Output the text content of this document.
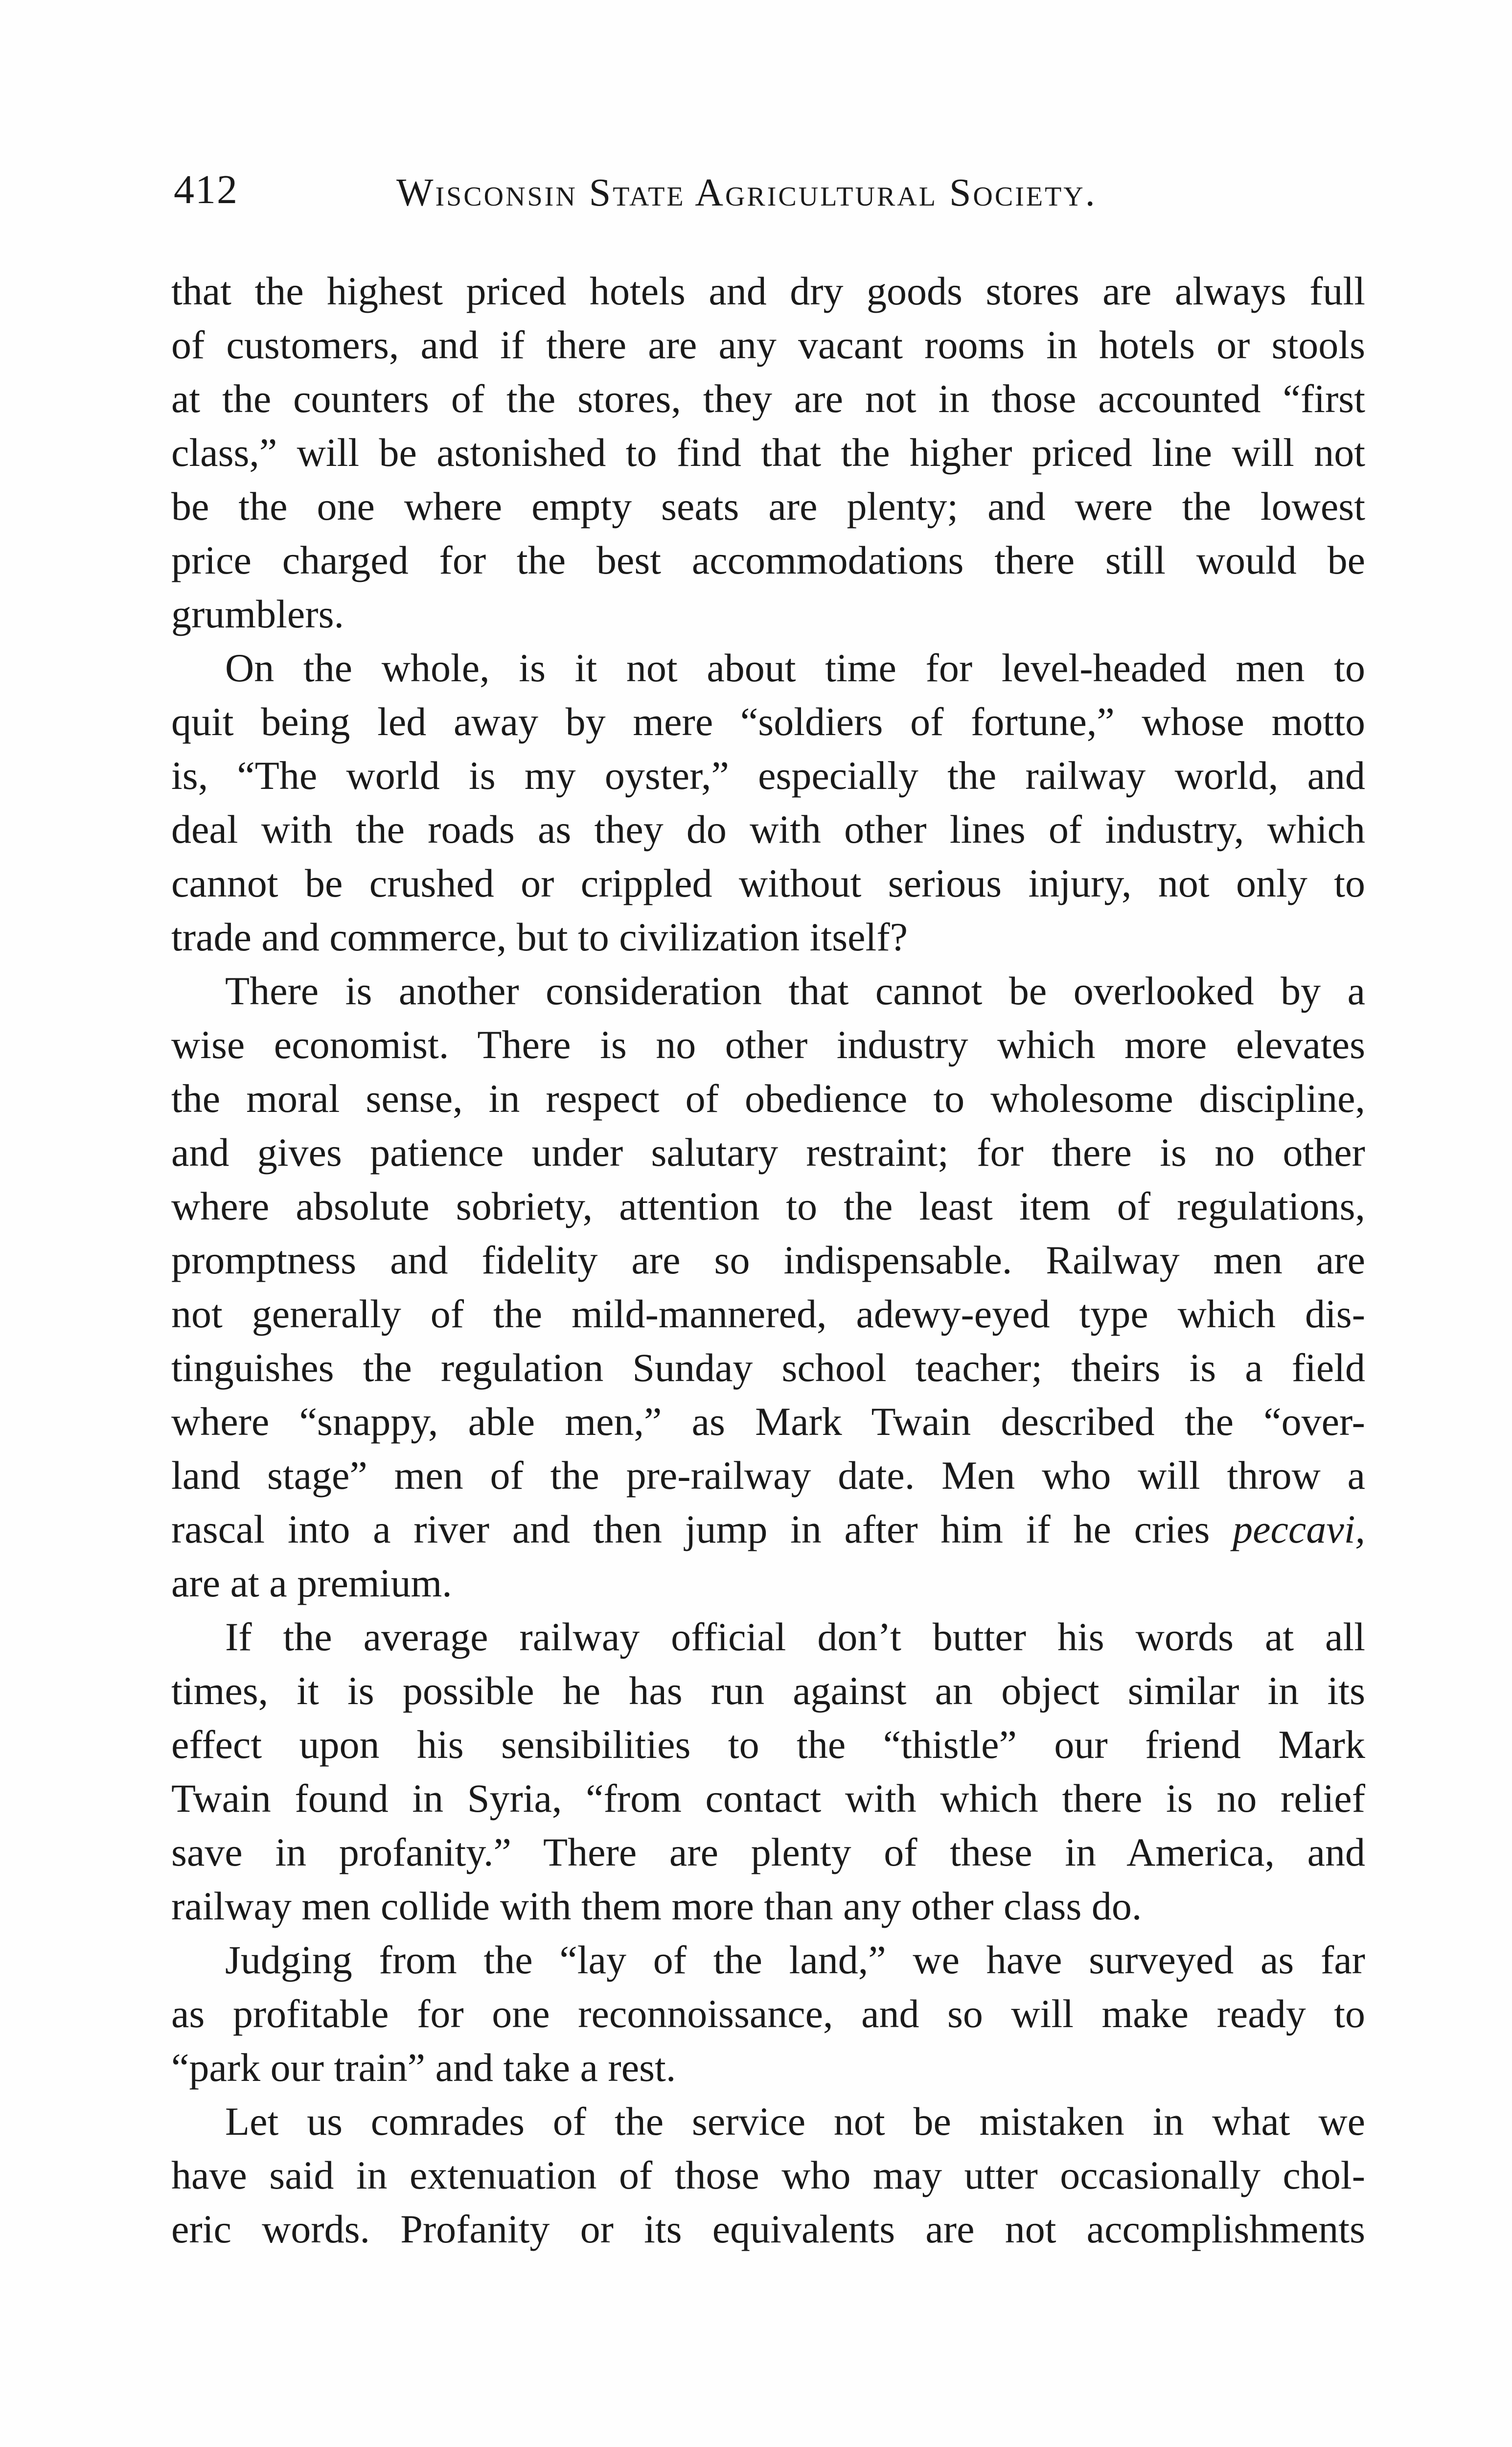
412	Wisconsin State Agricultural Society.
that the highest priced hotels and dry goods stores are always full
of customers, and if there are any vacant rooms in hotels or stools
at the counters of the stores, they are not in those accounted “first
class,” will be astonished to find that the higher priced line will not
be the one where empty seats are plenty; and were the lowest
price charged for the best accommodations there still would be
grumblers.
On the whole, is it not about time for level-headed men to
quit being led away by mere “soldiers of fortune,” whose motto
is, “The world is my oyster,” especially the railway world, and
deal with the roads as they do with other lines of industry, which
cannot be crushed or crippled without serious injury, not only to
trade and commerce, but to civilization itself?
There is another consideration that cannot be overlooked by a
wise economist. There is no other industry which more elevates
the moral sense, in respect of obedience to wholesome discipline,
and gives patience under salutary restraint; for there is no other
where absolute sobriety, attention to the least item of regulations,
promptness and fidelity are so indispensable. Railway men are
not generally of the mild-mannered, adewy-eyed type which dis-
tinguishes the regulation Sunday school teacher; theirs is a field
where “snappy, able men,” as Mark Twain described the “over-
land stage” men of the pre-railway date. Men who will throw a
rascal into a river and then jump in after him if he cries peccavi,
are at a premium.
If the average railway official don’t butter his words at all
times, it is possible he has run against an object similar in its
effect upon his sensibilities to the “thistle” our friend Mark
Twain found in Syria, “from contact with which there is no relief
save in profanity.” There are plenty of these in America, and
railway men collide with them more than any other class do.
Judging from the “lay of the land,” we have surveyed as far
as profitable for one reconnoissance, and so will make ready to
“park our train” and take a rest.
Let us comrades of the service not be mistaken in what we
have said in extenuation of those who may utter occasionally chol-
eric words. Profanity or its equivalents are not accomplishments
